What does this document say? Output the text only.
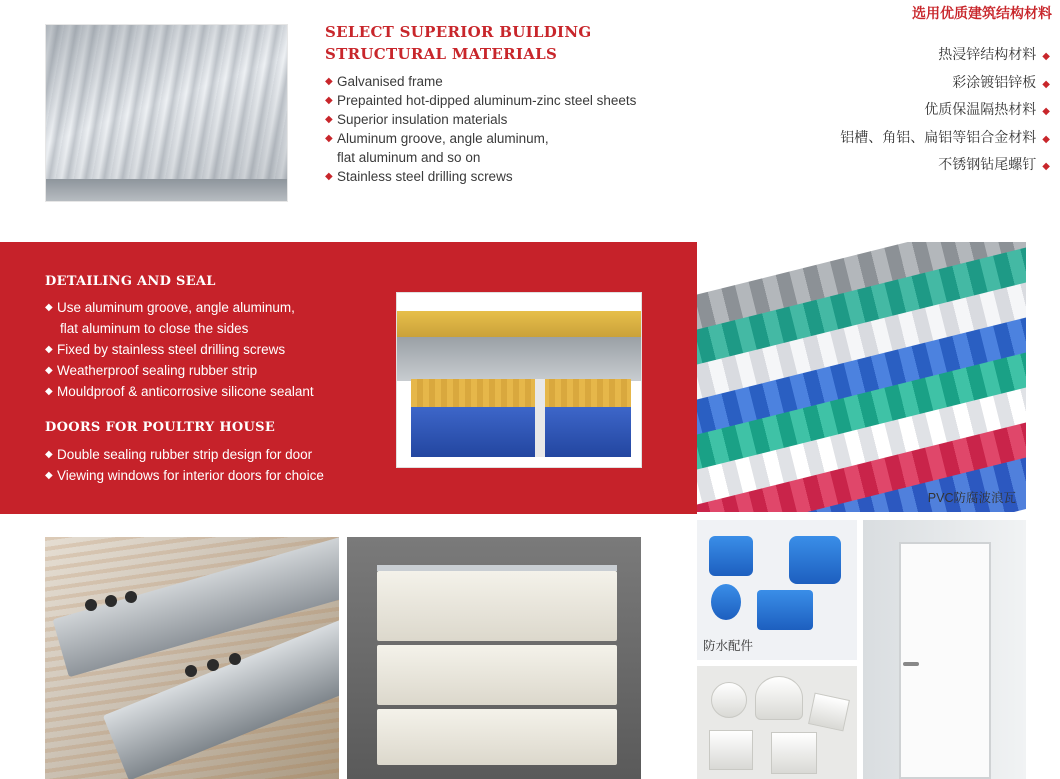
SELECT SUPERIOR BUILDING STRUCTURAL MATERIALS
◆ Galvanised frame
◆ Prepainted hot-dipped aluminum-zinc steel sheets
◆ Superior insulation materials
◆ Aluminum groove, angle aluminum,
flat aluminum and so on
◆ Stainless steel drilling screws
选用优质建筑结构材料
热浸锌结构材料 ◆
彩涂镀铝锌板 ◆
优质保温隔热材料 ◆
铝槽、角铝、扁铝等铝合金材料 ◆
不锈钢钻尾螺钉 ◆
DETAILING AND SEAL
◆ Use aluminum groove, angle aluminum,
flat aluminum to close the sides
◆ Fixed by stainless steel drilling screws
◆ Weatherproof sealing rubber strip
◆ Mouldproof & anticorrosive silicone sealant
DOORS FOR POULTRY HOUSE
◆ Double sealing rubber strip design for door
◆ Viewing windows for interior doors for choice
PVC防腐波浪瓦
防水配件
